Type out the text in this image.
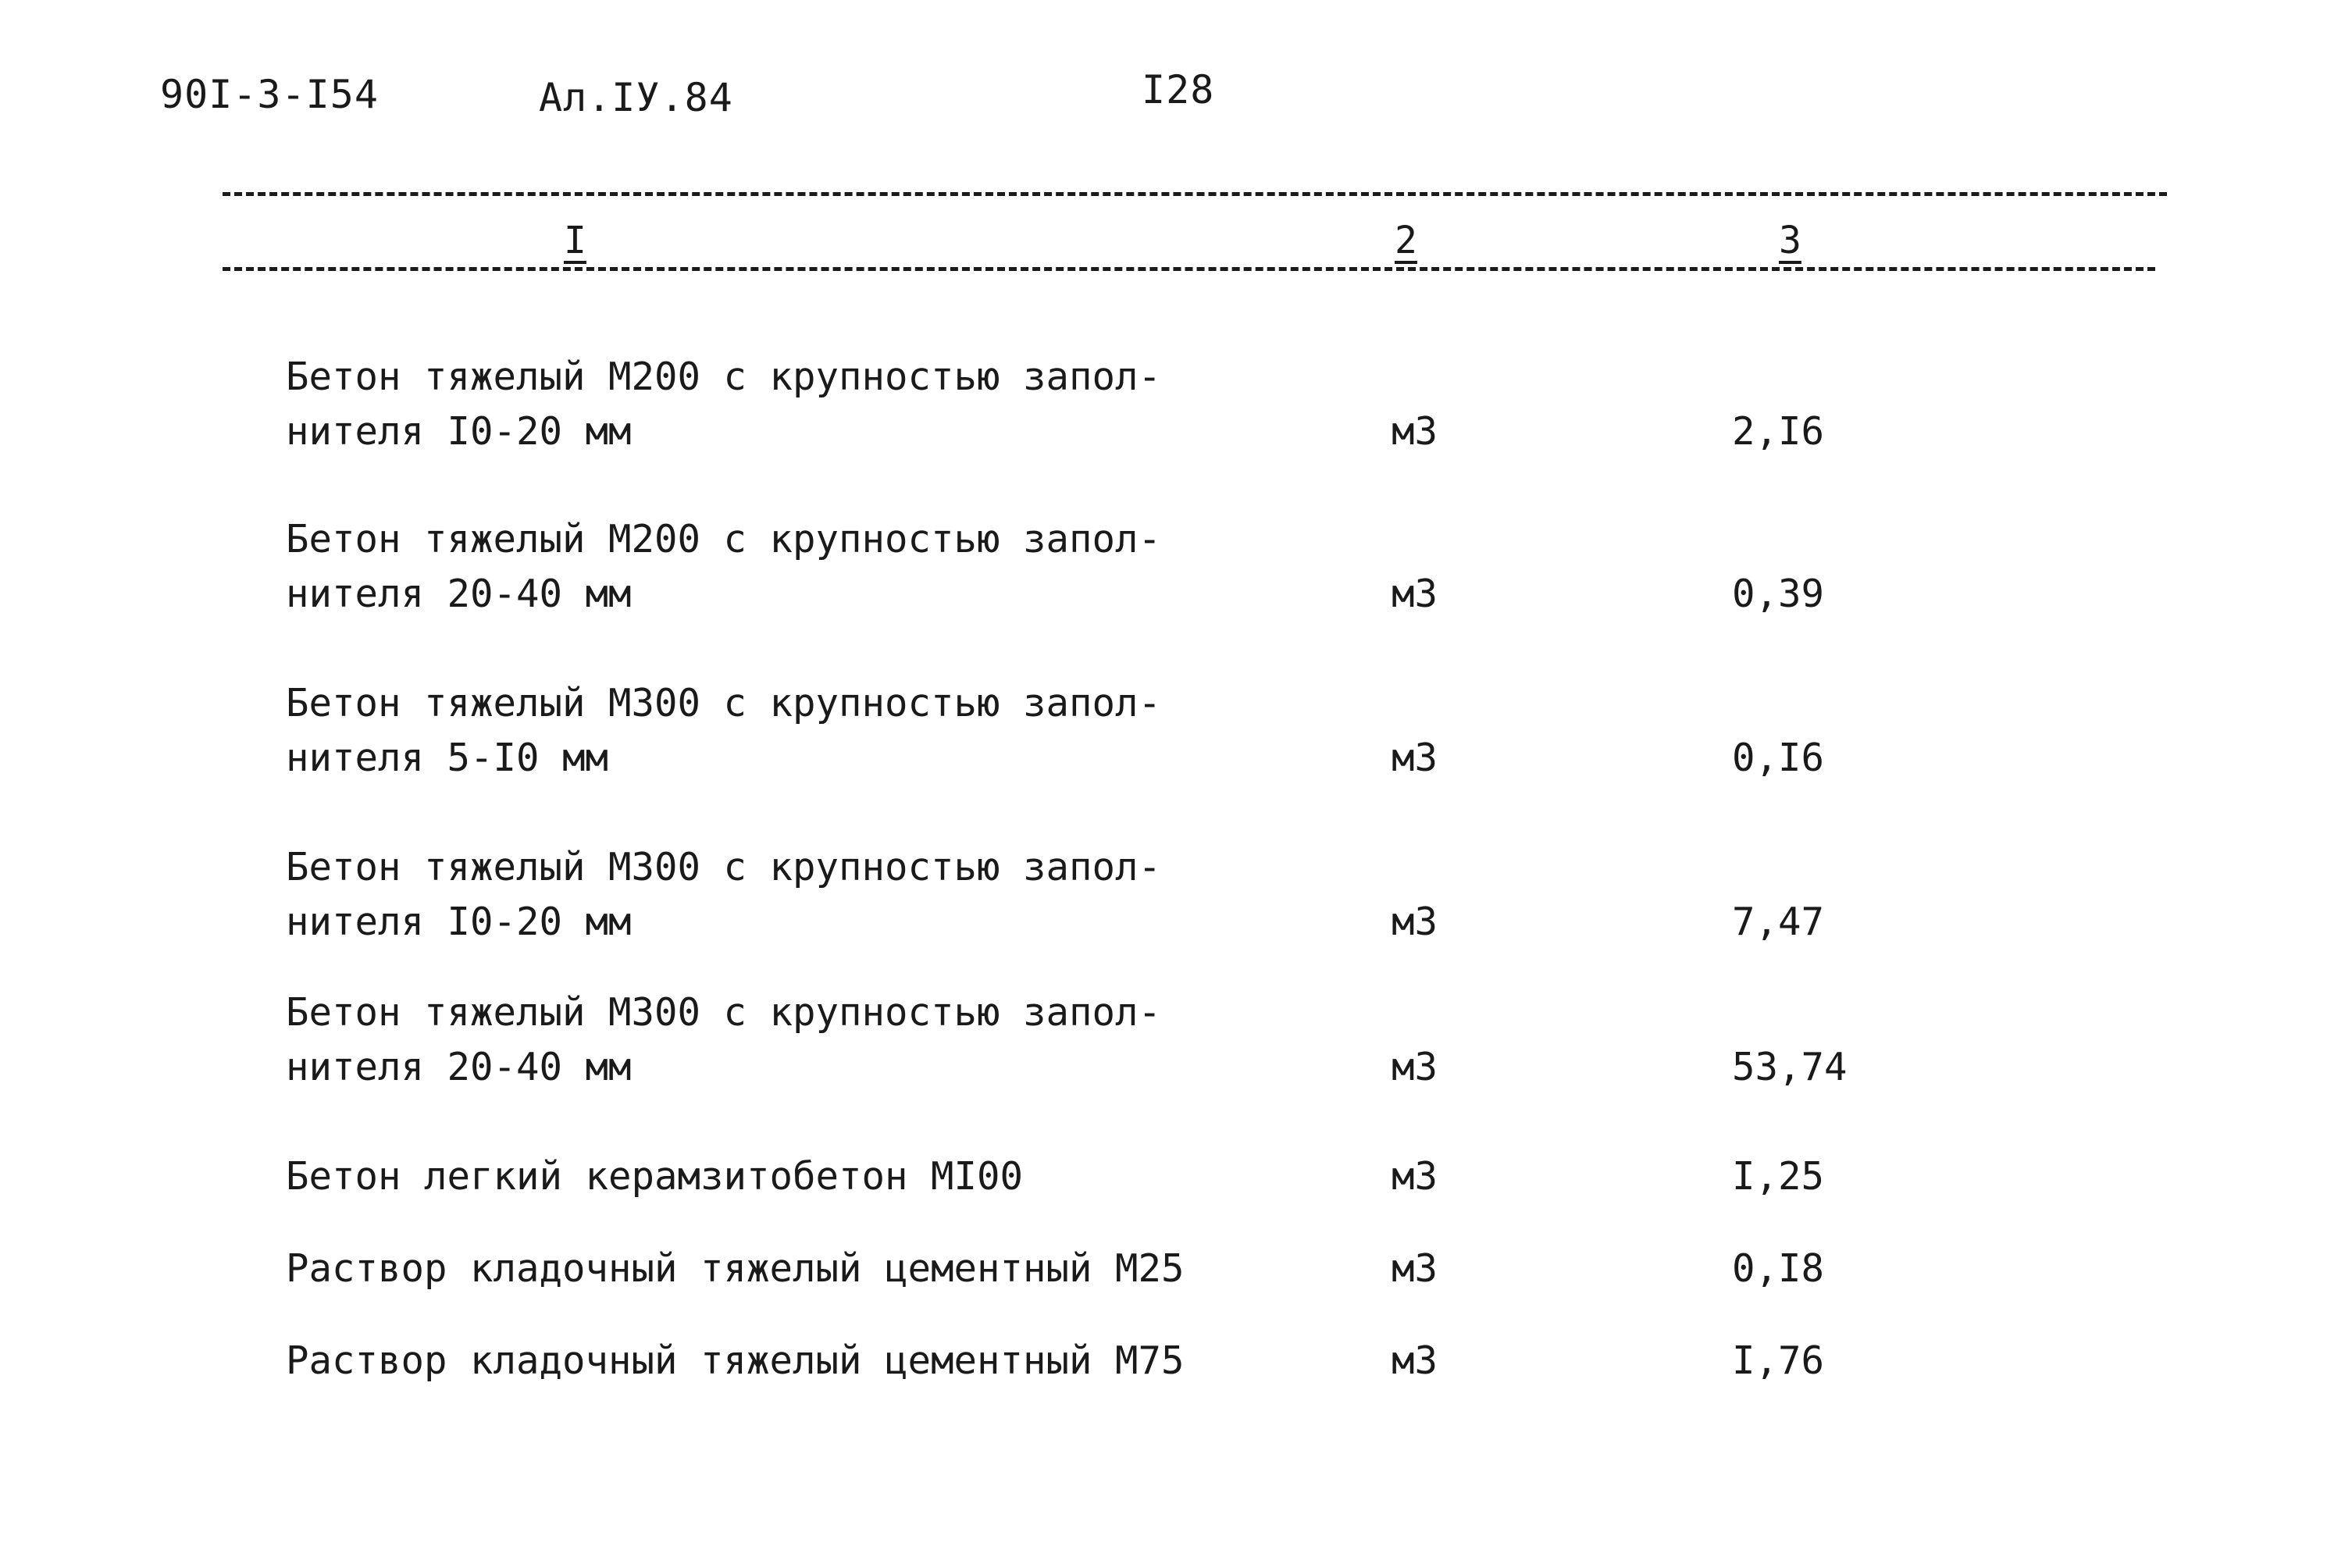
90I-3-I54	Ал.IУ.84	I28
I	2	3
Бетон тяжелый М200 с крупностью запол-
нителя I0-20 мм	м3	2,I6
Бетон тяжелый М200 с крупностью запол-
нителя 20-40 мм	м3	0,39
Бетон тяжелый М300 с крупностью запол-
нителя 5-I0 мм	м3	0,I6
Бетон тяжелый М300 с крупностью запол-
нителя I0-20 мм	м3	7,47
Бетон тяжелый М300 с крупностью запол-
нителя 20-40 мм	м3	53,74
Бетон легкий керамзитобетон МI00	м3	I,25
Раствор кладочный тяжелый цементный М25	м3	0,I8
Раствор кладочный тяжелый цементный М75	м3	I,76
